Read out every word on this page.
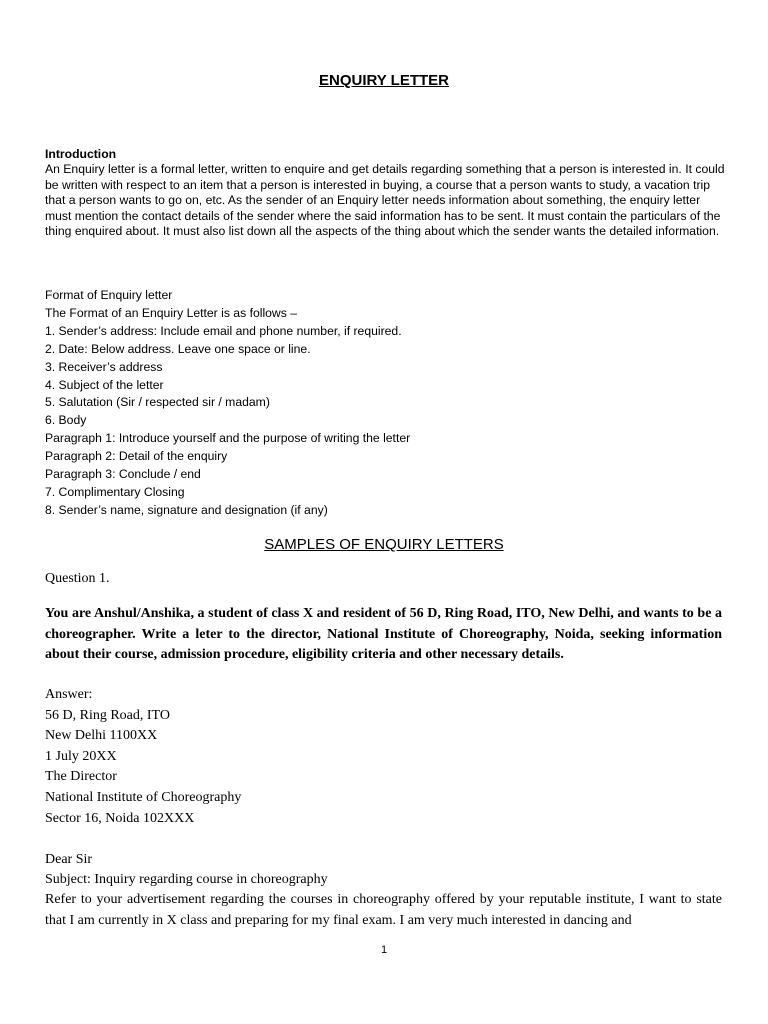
ENQUIRY LETTER
Introduction
An Enquiry letter is a formal letter, written to enquire and get details regarding something that a person is interested in. It could be written with respect to an item that a person is interested in buying, a course that a person wants to study, a vacation trip that a person wants to go on, etc. As the sender of an Enquiry letter needs information about something, the enquiry letter must mention the contact details of the sender where the said information has to be sent. It must contain the particulars of the thing enquired about. It must also list down all the aspects of the thing about which the sender wants the detailed information.
Format of Enquiry letter
The Format of an Enquiry Letter is as follows –
1. Sender’s address: Include email and phone number, if required.
2. Date: Below address. Leave one space or line.
3. Receiver’s address
4. Subject of the letter
5. Salutation (Sir / respected sir / madam)
6. Body
Paragraph 1: Introduce yourself and the purpose of writing the letter
Paragraph 2: Detail of the enquiry
Paragraph 3: Conclude / end
7. Complimentary Closing
8. Sender’s name, signature and designation (if any)
SAMPLES OF ENQUIRY LETTERS
Question 1.
You are Anshul/Anshika, a student of class X and resident of 56 D, Ring Road, ITO, New Delhi, and wants to be a choreographer. Write a leter to the director, National Institute of Choreography, Noida, seeking information about their course, admission procedure, eligibility criteria and other necessary details.
Answer:
56 D, Ring Road, ITO
New Delhi 1100XX
1 July 20XX
The Director
National Institute of Choreography
Sector 16, Noida 102XXX
Dear Sir
Subject: Inquiry regarding course in choreography
Refer to your advertisement regarding the courses in choreography offered by your reputable institute, I want to state that I am currently in X class and preparing for my final exam. I am very much interested in dancing and
1
